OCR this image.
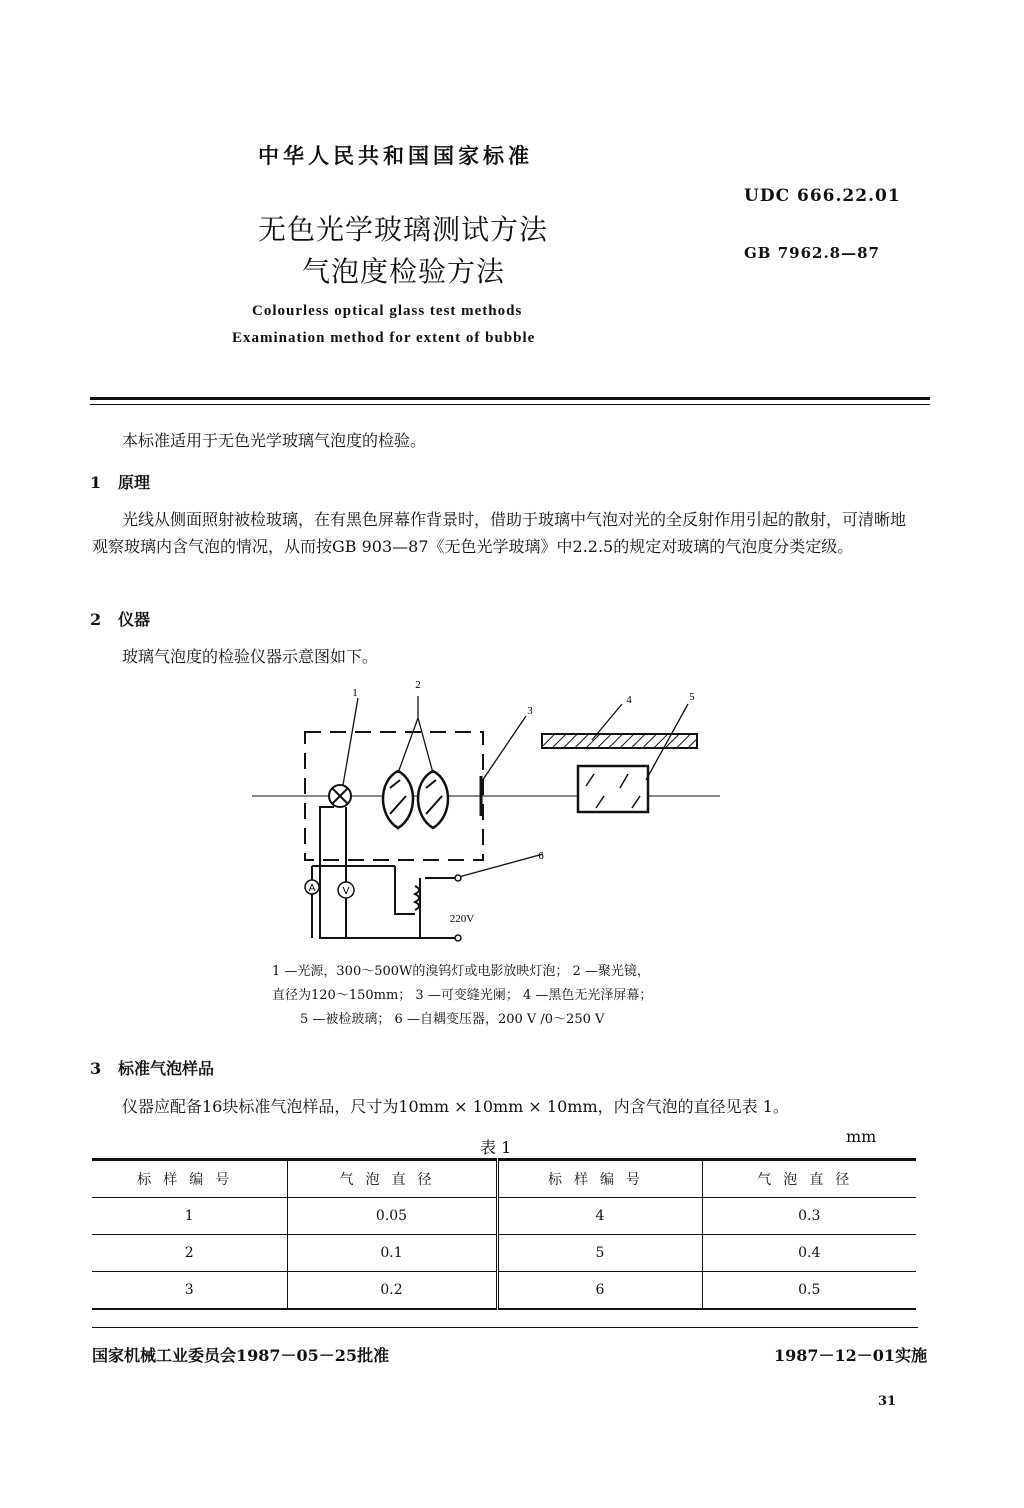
中华人民共和国国家标准
无色光学玻璃测试方法
气泡度检验方法
UDC 666.22.01
GB 7962.8—87
Colourless optical glass test methods
Examination method for extent of bubble
本标准适用于无色光学玻璃气泡度的检验。
1 原理
光线从侧面照射被检玻璃，在有黑色屏幕作背景时，借助于玻璃中气泡对光的全反射作用引起的散射，可清晰地观察玻璃内含气泡的情况，从而按GB 903—87《无色光学玻璃》中2.2.5的规定对玻璃的气泡度分类定级。
2 仪器
玻璃气泡度的检验仪器示意图如下。
A	V
1
2
3
4	5
6
220V
1 —光源，300～500W的溴钨灯或电影放映灯泡； 2 —聚光镜，
直径为120～150mm； 3 —可变缝光阑； 4 —黑色无光泽屏幕；
5 —被检玻璃； 6 —自耦变压器，200 V /0～250 V
3 标准气泡样品
仪器应配备16块标准气泡样品，尺寸为10mm × 10mm × 10mm，内含气泡的直径见表 1。
表 1
mm
标样编号	气泡直径	标样编号	气泡直径
1	0.05	4	0.3
2	0.1	5	0.4
3	0.2	6	0.5
国家机械工业委员会1987－05－25批准	1987－12－01实施
31
